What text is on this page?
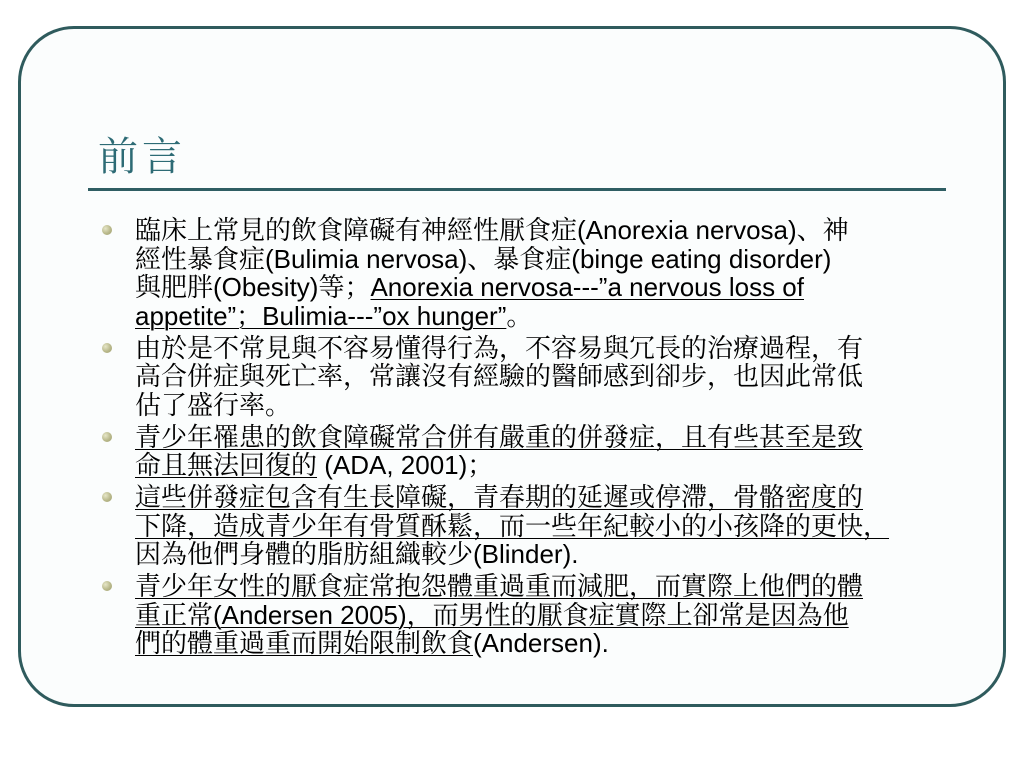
前言
臨床上常見的飲食障礙有神經性厭食症(Anorexia nervosa)、神
經性暴食症(Bulimia nervosa)、暴食症(binge eating disorder)
與肥胖(Obesity)等；Anorexia nervosa---”a nervous loss of
appetite”；Bulimia---”ox hunger”。
由於是不常見與不容易懂得行為，不容易與冗長的治療過程，有
高合併症與死亡率，常讓沒有經驗的醫師感到卻步，也因此常低
估了盛行率。
青少年罹患的飲食障礙常合併有嚴重的併發症，且有些甚至是致
命且無法回復的 (ADA, 2001)；
這些併發症包含有生長障礙，青春期的延遲或停滯，骨骼密度的
下降，造成青少年有骨質酥鬆，而一些年紀較小的小孩降的更快，
因為他們身體的脂肪組織較少(Blinder).
青少年女性的厭食症常抱怨體重過重而減肥，而實際上他們的體
重正常(Andersen 2005)，而男性的厭食症實際上卻常是因為他
們的體重過重而開始限制飲食(Andersen).
